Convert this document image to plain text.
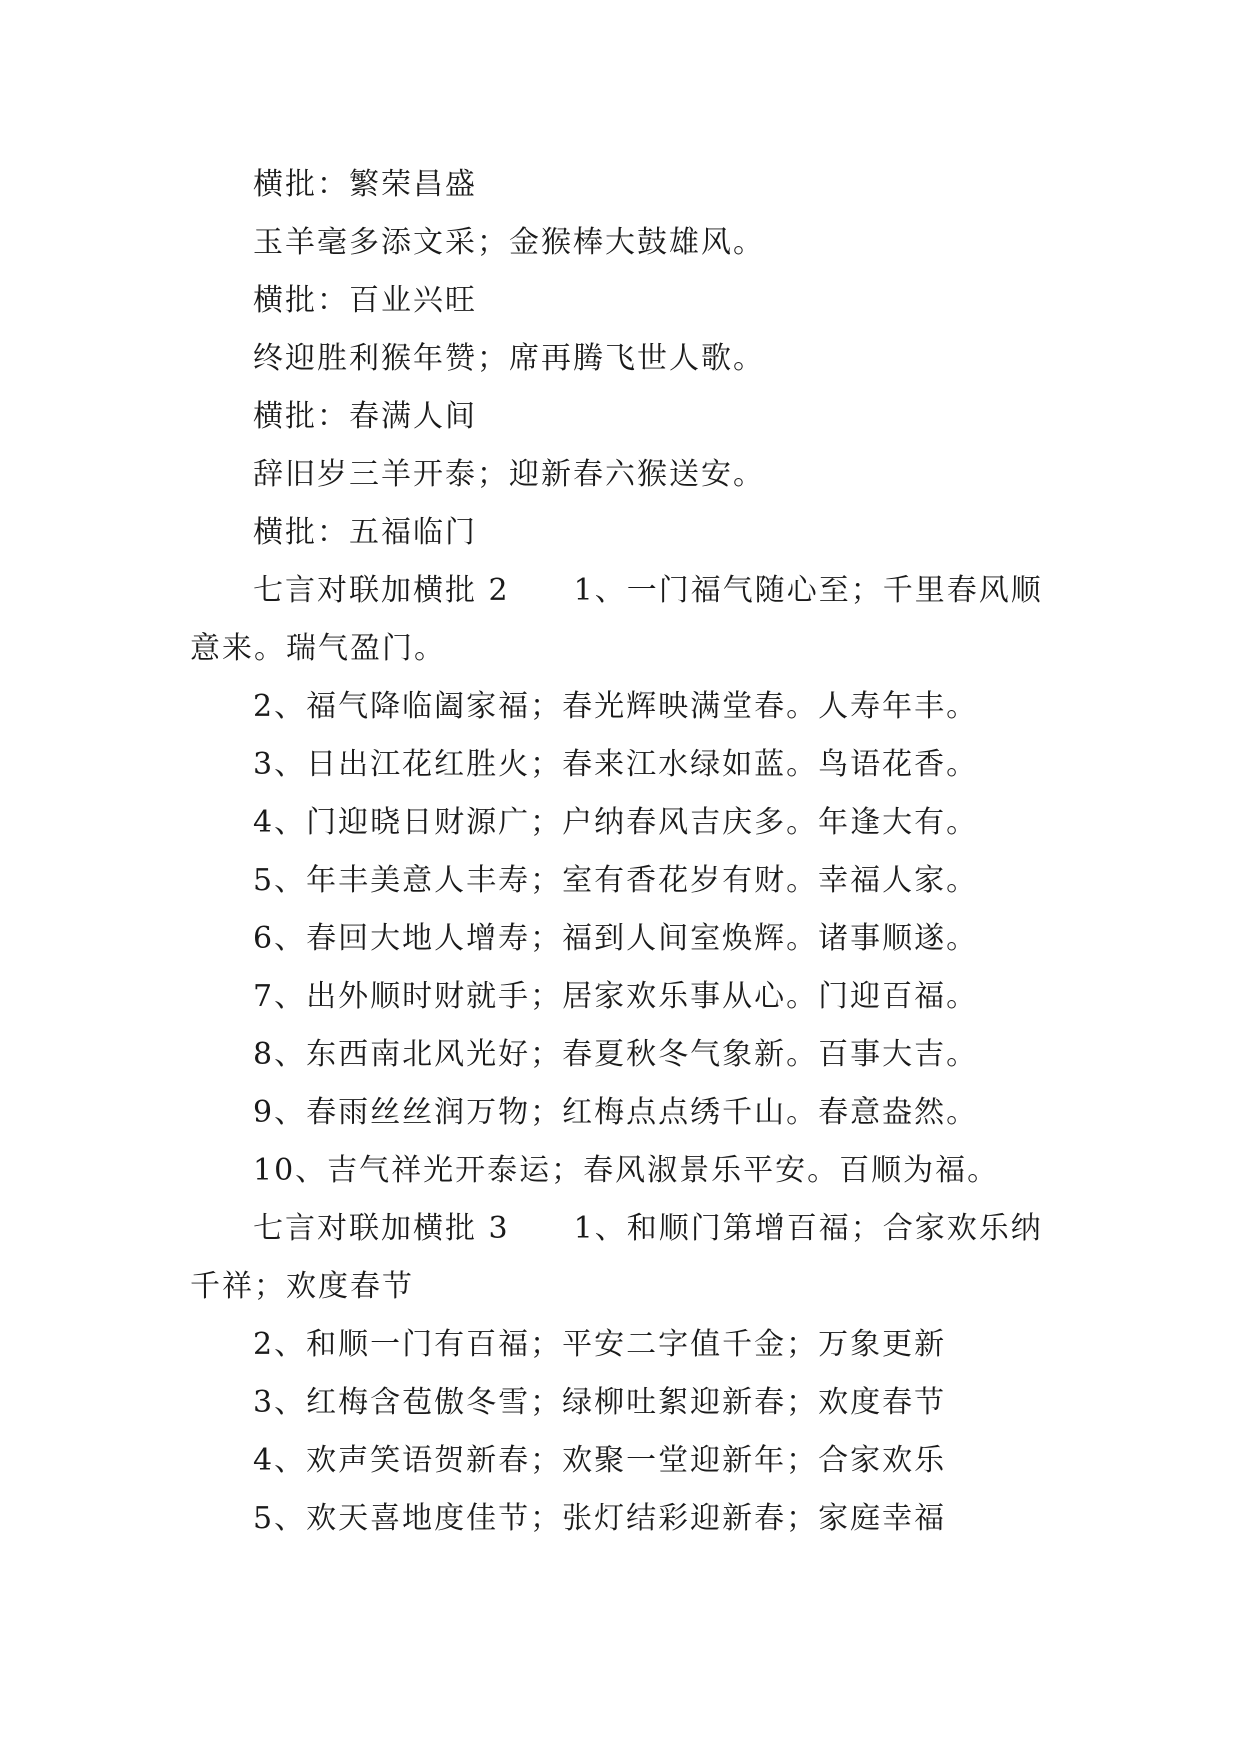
横批：繁荣昌盛
玉羊毫多添文采；金猴棒大鼓雄风。
横批：百业兴旺
终迎胜利猴年赞；席再腾飞世人歌。
横批：春满人间
辞旧岁三羊开泰；迎新春六猴送安。
横批：五福临门
七言对联加横批 2　　1、一门福气随心至；千里春风顺
意来。瑞气盈门。
2、福气降临阖家福；春光辉映满堂春。人寿年丰。
3、日出江花红胜火；春来江水绿如蓝。鸟语花香。
4、门迎晓日财源广；户纳春风吉庆多。年逢大有。
5、年丰美意人丰寿；室有香花岁有财。幸福人家。
6、春回大地人增寿；福到人间室焕辉。诸事顺遂。
7、出外顺时财就手；居家欢乐事从心。门迎百福。
8、东西南北风光好；春夏秋冬气象新。百事大吉。
9、春雨丝丝润万物；红梅点点绣千山。春意盎然。
10、吉气祥光开泰运；春风淑景乐平安。百顺为福。
七言对联加横批 3　　1、和顺门第增百福；合家欢乐纳
千祥；欢度春节
2、和顺一门有百福；平安二字值千金；万象更新
3、红梅含苞傲冬雪；绿柳吐絮迎新春；欢度春节
4、欢声笑语贺新春；欢聚一堂迎新年；合家欢乐
5、欢天喜地度佳节；张灯结彩迎新春；家庭幸福
